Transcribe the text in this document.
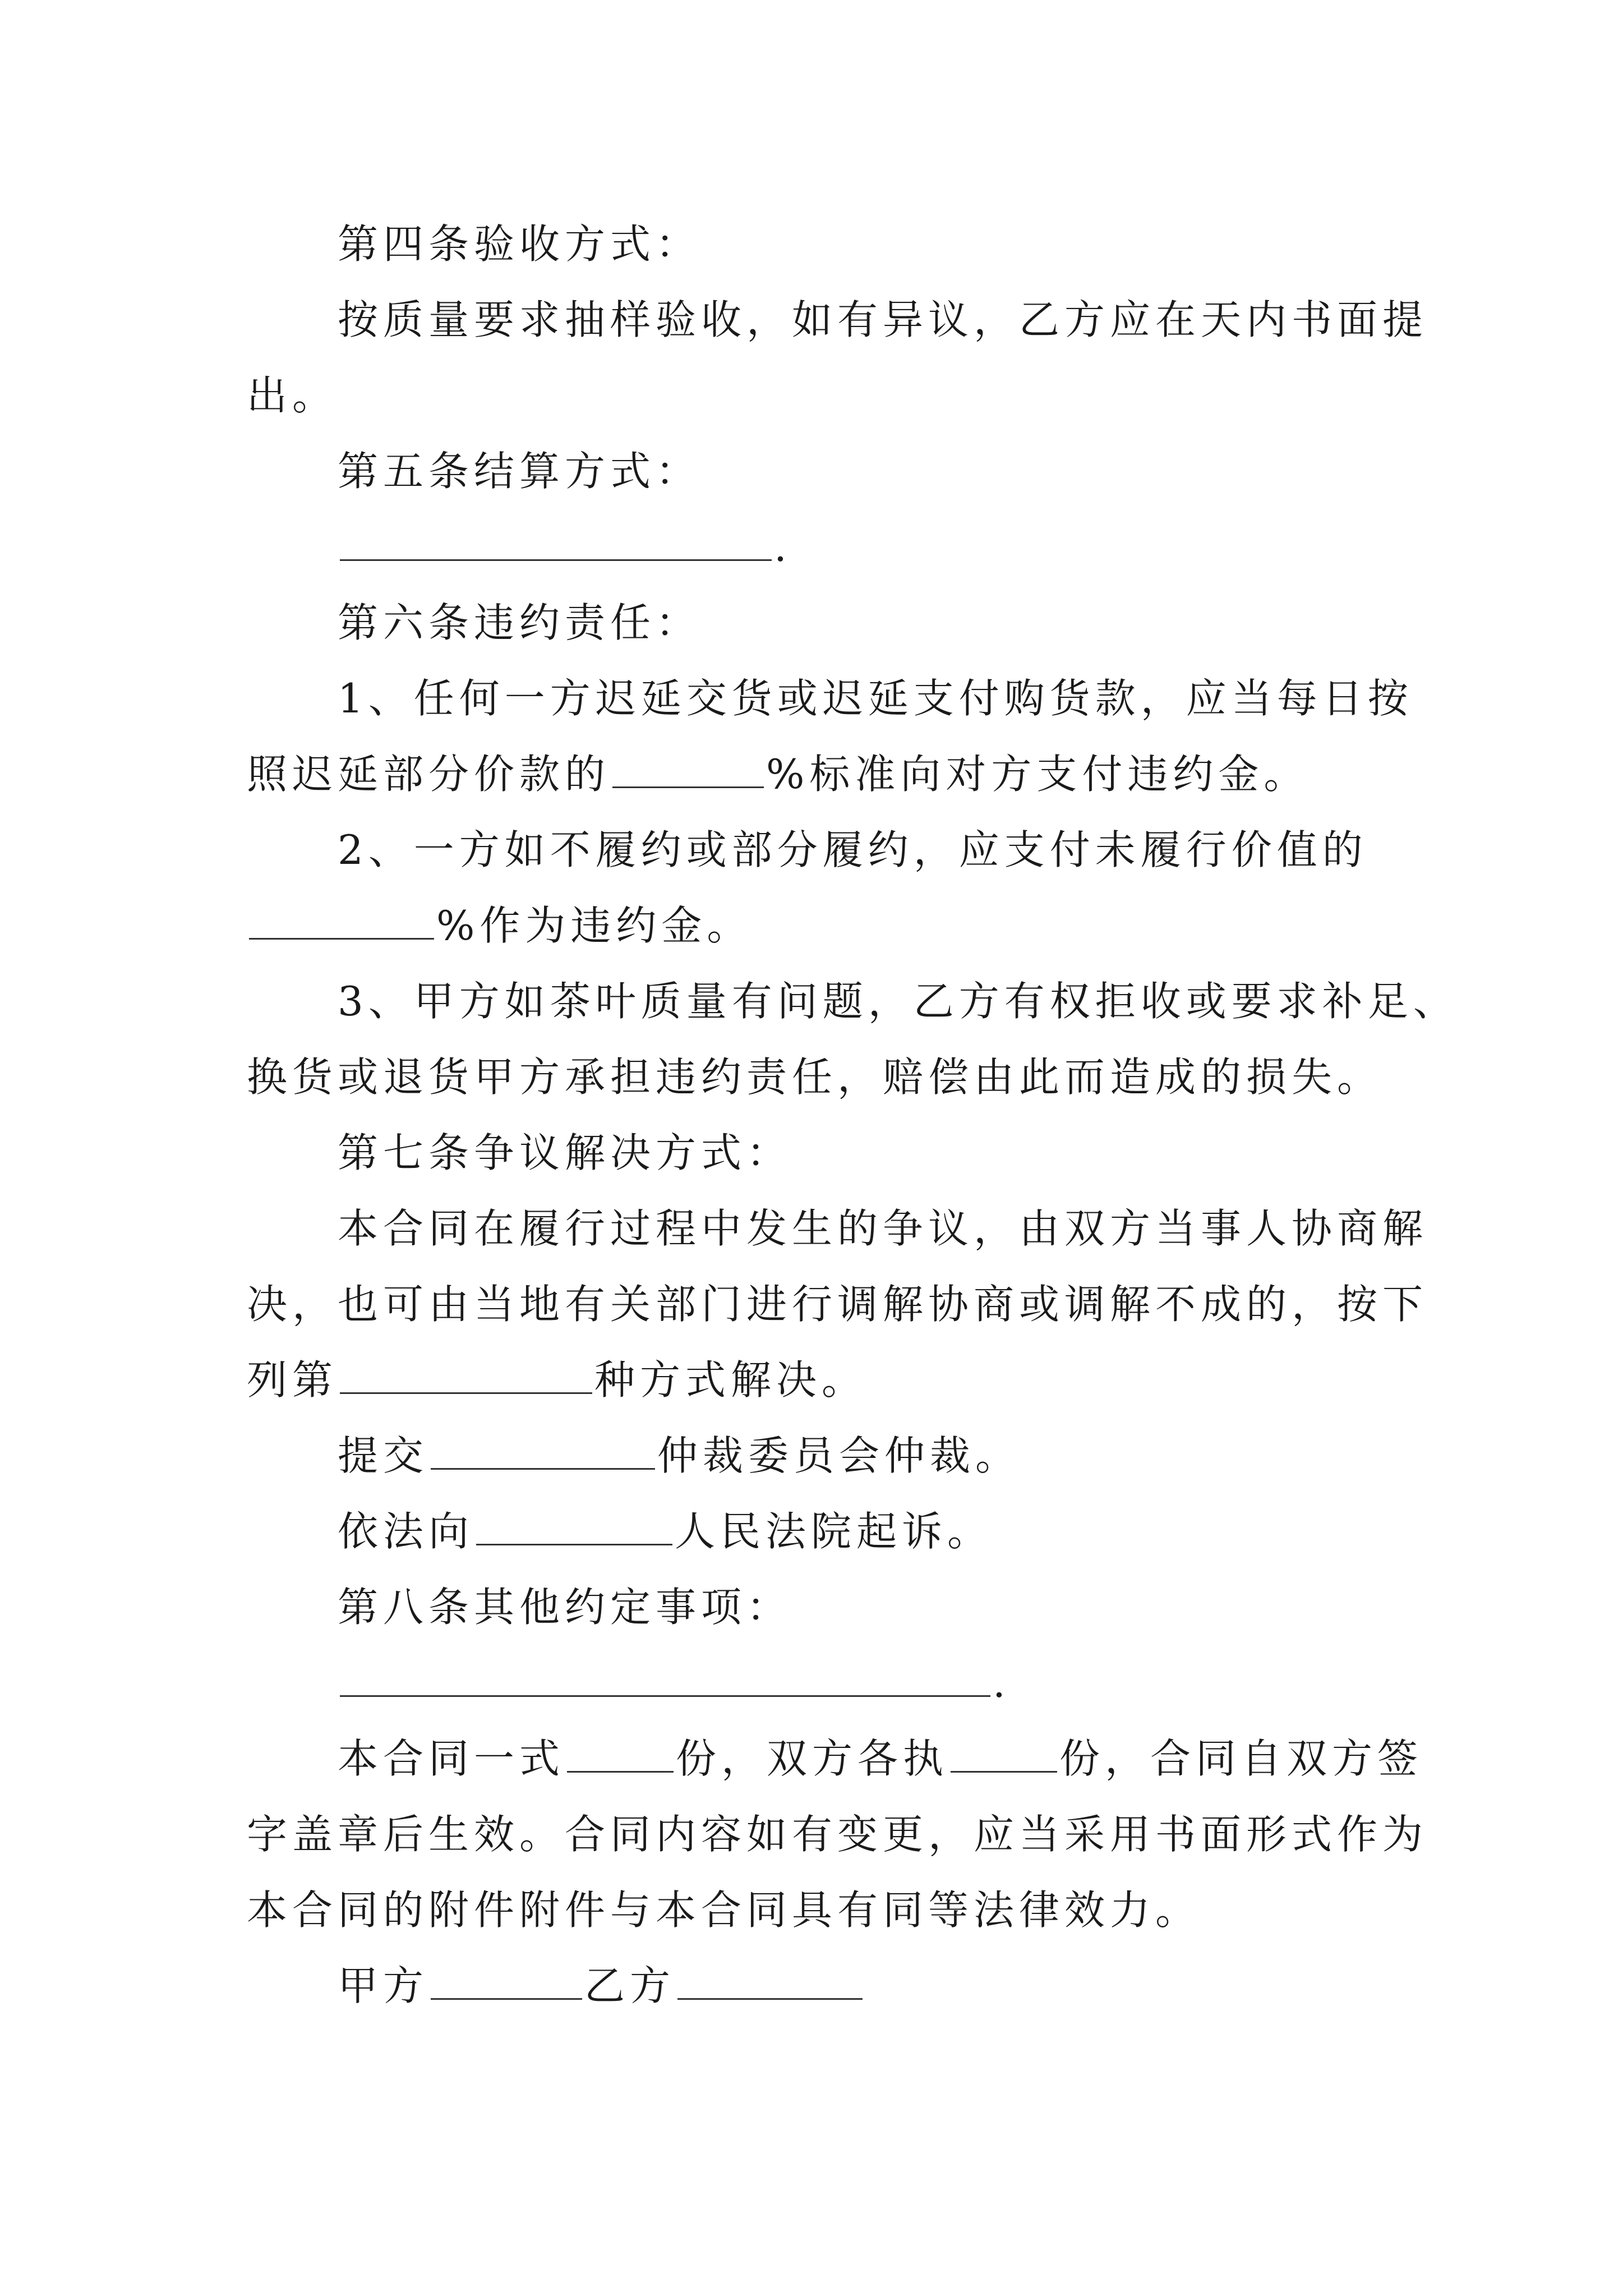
第四条验收方式：
按质量要求抽样验收，如有异议，乙方应在天内书面提
出。
第五条结算方式：
.
第六条违约责任：
1、任何一方迟延交货或迟延支付购货款，应当每日按
照迟延部分价款的	%标准向对方支付违约金。
2、一方如不履约或部分履约，应支付未履行价值的
%作为违约金。
3、甲方如茶叶质量有问题，乙方有权拒收或要求补足、
换货或退货甲方承担违约责任，赔偿由此而造成的损失。
第七条争议解决方式：
本合同在履行过程中发生的争议，由双方当事人协商解
决，也可由当地有关部门进行调解协商或调解不成的，按下
列第	种方式解决。
提交	仲裁委员会仲裁。
依法向	人民法院起诉。
第八条其他约定事项：
.
本合同一式	份，双方各执	份，合同自双方签
字盖章后生效。合同内容如有变更，应当采用书面形式作为
本合同的附件附件与本合同具有同等法律效力。
甲方	乙方
